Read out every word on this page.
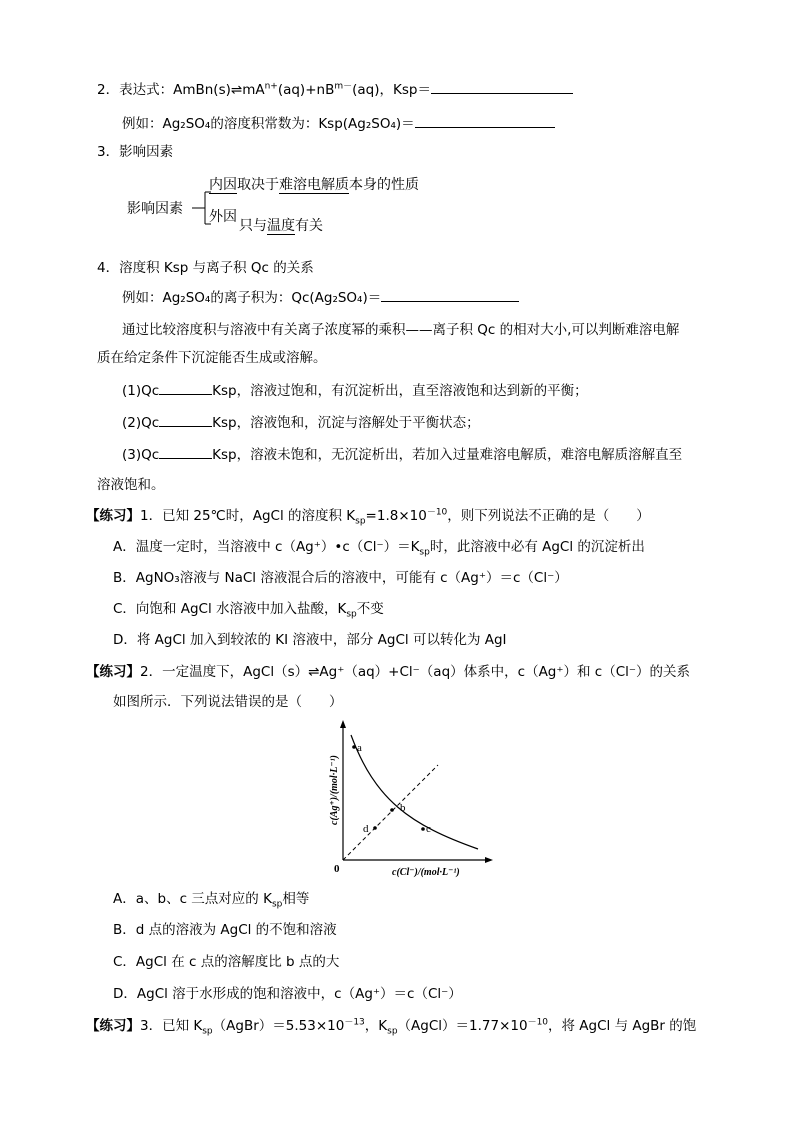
2．表达式：$AmBn(s)\rightleftharpoons mA^{n+}(aq)+nB^{m-}(aq)$，Ksp＝
例如：Ag₂SO₄的溶度积常数为：Ksp(Ag₂SO₄)＝
3．影响因素
影响因素
内因取决于难溶电解质本身的性质
外因
只与温度有关
4．溶度积 Ksp 与离子积 Qc 的关系
例如：Ag₂SO₄的离子积为：Qc(Ag₂SO₄)＝
通过比较溶度积与溶液中有关离子浓度幂的乘积——离子积 Qc 的相对大小,可以判断难溶电解
质在给定条件下沉淀能否生成或溶解。
(1)Qc	Ksp，溶液过饱和，有沉淀析出，直至溶液饱和达到新的平衡；
(2)Qc	Ksp，溶液饱和，沉淀与溶解处于平衡状态；
(3)Qc	Ksp，溶液未饱和，无沉淀析出，若加入过量难溶电解质，难溶电解质溶解直至
溶液饱和。
【练习】1．已知 25℃时，AgCl 的溶度积 $K_{sp}=1.8\times 10^{-10}$，则下列说法不正确的是（　　）
A．温度一定时，当溶液中 $c(Ag^+)•c(Cl^-)=K_{sp}$时，此溶液中必有 AgCl 的沉淀析出
B．AgNO₃溶液与 NaCl 溶液混合后的溶液中，可能有 c（Ag⁺）＝c（Cl⁻）
C．向饱和 AgCl 水溶液中加入盐酸，$K_{sp}$不变
D．将 AgCl 加入到较浓的 KI 溶液中，部分 AgCl 可以转化为 AgI
【练习】2．一定温度下，AgCl（s）⇌Ag⁺（aq）+Cl⁻（aq）体系中，c（Ag⁺）和 c（Cl⁻）的关系
如图所示．下列说法错误的是（　　）
a
b
c
d
0	c(Cl⁻)/(mol·L⁻¹)
c(Ag⁺)/(mol·L⁻¹)
A．a、b、c 三点对应的 $K_{sp}$相等
B．d 点的溶液为 AgCl 的不饱和溶液
C．AgCl 在 c 点的溶解度比 b 点的大
D．AgCl 溶于水形成的饱和溶液中，c（Ag⁺）＝c（Cl⁻）
【练习】3．已知 $K_{sp}(AgBr)=5.53\times 10^{-13}$，$K_{sp}(AgCl)=1.77\times 10^{-10}$，将 AgCl 与 AgBr 的饱
